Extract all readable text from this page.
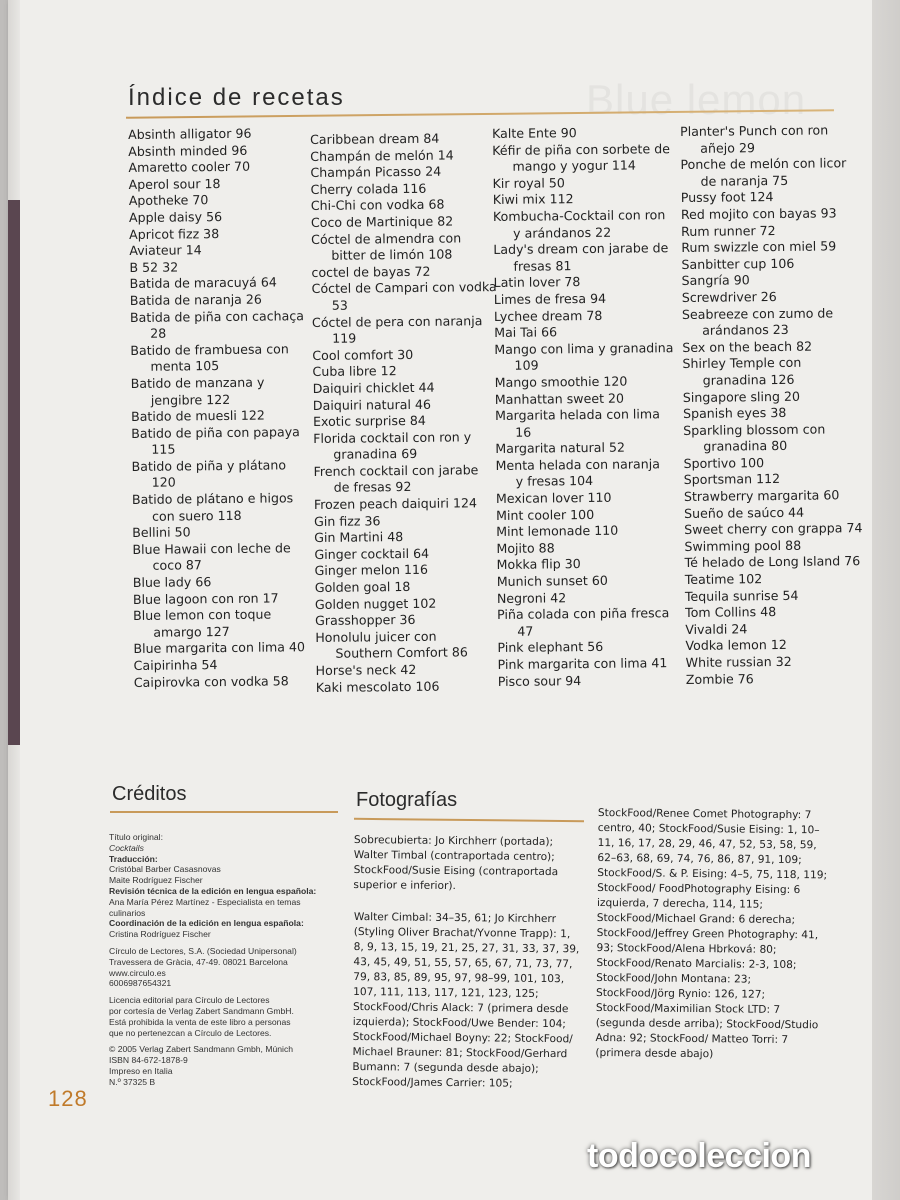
Blue lemon
Índice de recetas
Absinth alligator 96
Absinth minded 96
Amaretto cooler 70
Aperol sour 18
Apotheke 70
Apple daisy 56
Apricot fizz 38
Aviateur 14
B 52 32
Batida de maracuyá 64
Batida de naranja 26
Batida de piña con cachaça
28
Batido de frambuesa con
menta 105
Batido de manzana y
jengibre 122
Batido de muesli 122
Batido de piña con papaya
115
Batido de piña y plátano
120
Batido de plátano e higos
con suero 118
Bellini 50
Blue Hawaii con leche de
coco 87
Blue lady 66
Blue lagoon con ron 17
Blue lemon con toque
amargo 127
Blue margarita con lima 40
Caipirinha 54
Caipirovka con vodka 58
Caribbean dream 84
Champán de melón 14
Champán Picasso 24
Cherry colada 116
Chi-Chi con vodka 68
Coco de Martinique 82
Cóctel de almendra con
bitter de limón 108
coctel de bayas 72
Cóctel de Campari con vodka
53
Cóctel de pera con naranja
119
Cool comfort 30
Cuba libre 12
Daiquiri chicklet 44
Daiquiri natural 46
Exotic surprise 84
Florida cocktail con ron y
granadina 69
French cocktail con jarabe
de fresas 92
Frozen peach daiquiri 124
Gin fizz 36
Gin Martini 48
Ginger cocktail 64
Ginger melon 116
Golden goal 18
Golden nugget 102
Grasshopper 36
Honolulu juicer con
Southern Comfort 86
Horse's neck 42
Kaki mescolato 106
Kalte Ente 90
Kéfir de piña con sorbete de
mango y yogur 114
Kir royal 50
Kiwi mix 112
Kombucha-Cocktail con ron
y arándanos 22
Lady's dream con jarabe de
fresas 81
Latin lover 78
Limes de fresa 94
Lychee dream 78
Mai Tai 66
Mango con lima y granadina
109
Mango smoothie 120
Manhattan sweet 20
Margarita helada con lima
16
Margarita natural 52
Menta helada con naranja
y fresas 104
Mexican lover 110
Mint cooler 100
Mint lemonade 110
Mojito 88
Mokka flip 30
Munich sunset 60
Negroni 42
Piña colada con piña fresca
47
Pink elephant 56
Pink margarita con lima 41
Pisco sour 94
Planter's Punch con ron
añejo 29
Ponche de melón con licor
de naranja 75
Pussy foot 124
Red mojito con bayas 93
Rum runner 72
Rum swizzle con miel 59
Sanbitter cup 106
Sangría 90
Screwdriver 26
Seabreeze con zumo de
arándanos 23
Sex on the beach 82
Shirley Temple con
granadina 126
Singapore sling 20
Spanish eyes 38
Sparkling blossom con
granadina 80
Sportivo 100
Sportsman 112
Strawberry margarita 60
Sueño de saúco 44
Sweet cherry con grappa 74
Swimming pool 88
Té helado de Long Island 76
Teatime 102
Tequila sunrise 54
Tom Collins 48
Vivaldi 24
Vodka lemon 12
White russian 32
Zombie 76
Créditos
Título original:
Cocktails
Traducción:
Cristóbal Barber Casasnovas
Maite Rodríguez Fischer
Revisión técnica de la edición en lengua española:
Ana María Pérez Martínez - Especialista en temas culinarios
Coordinación de la edición en lengua española:
Cristina Rodríguez Fischer
Círculo de Lectores, S.A. (Sociedad Unipersonal)
Travessera de Gràcia, 47-49. 08021 Barcelona
www.circulo.es
6006987654321
Licencia editorial para Círculo de Lectores
por cortesía de Verlag Zabert Sandmann GmbH.
Está prohibida la venta de este libro a personas
que no pertenezcan a Círculo de Lectores.
© 2005 Verlag Zabert Sandmann Gmbh, Múnich
ISBN 84-672-1878-9
Impreso en Italia
N.º 37325 B
Fotografías
Sobrecubierta: Jo Kirchherr (portada); Walter Timbal (contraportada centro); StockFood/Susie Eising (contraportada superior e inferior).
Walter Cimbal: 34–35, 61; Jo Kirchherr (Styling Oliver Brachat/Yvonne Trapp): 1, 8, 9, 13, 15, 19, 21, 25, 27, 31, 33, 37, 39, 43, 45, 49, 51, 55, 57, 65, 67, 71, 73, 77, 79, 83, 85, 89, 95, 97, 98–99, 101, 103, 107, 111, 113, 117, 121, 123, 125; StockFood/Chris Alack: 7 (primera desde izquierda); StockFood/Uwe Bender: 104; StockFood/Michael Boyny: 22; StockFood/ Michael Brauner: 81; StockFood/Gerhard Bumann: 7 (segunda desde abajo); StockFood/James Carrier: 105;
StockFood/Renee Comet Photography: 7 centro, 40; StockFood/Susie Eising: 1, 10–11, 16, 17, 28, 29, 46, 47, 52, 53, 58, 59, 62–63, 68, 69, 74, 76, 86, 87, 91, 109; StockFood/S. & P. Eising: 4–5, 75, 118, 119; StockFood/ FoodPhotography Eising: 6 izquierda, 7 derecha, 114, 115; StockFood/Michael Grand: 6 derecha; StockFood/Jeffrey Green Photography: 41, 93; StockFood/Alena Hbrková: 80; StockFood/Renato Marcialis: 2-3, 108; StockFood/John Montana: 23; StockFood/Jörg Rynio: 126, 127; StockFood/Maximilian Stock LTD: 7 (segunda desde arriba); StockFood/Studio Adna: 92; StockFood/ Matteo Torri: 7 (primera desde abajo)
128
todocoleccion
